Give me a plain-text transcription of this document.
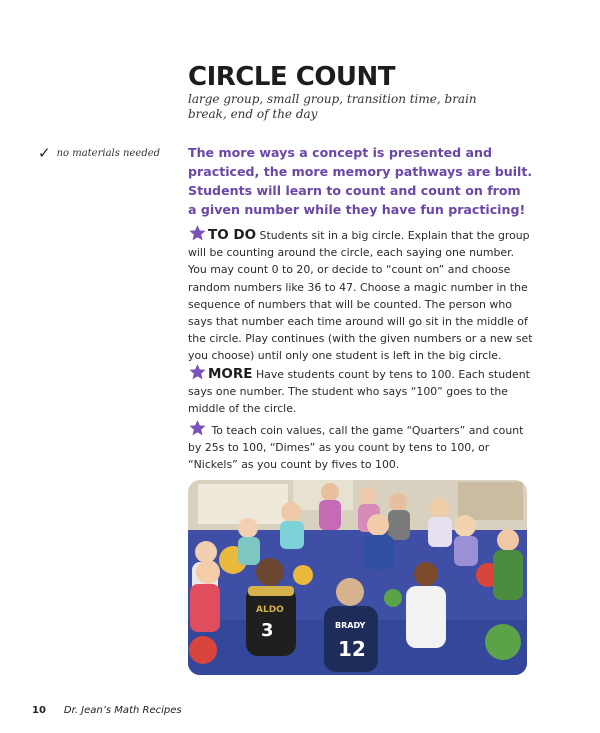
CIRCLE COUNT
large group, small group, transition time, brain break, end of the day
✓ no materials needed The more ways a concept is presented and practiced, the more memory pathways are built. Students will learn to count and count on from a given number while they have fun practicing!
TO DO Students sit in a big circle. Explain that the group will be counting around the circle, each saying one number. You may count 0 to 20, or decide to “count on” and choose random numbers like 36 to 47. Choose a magic number in the sequence of numbers that will be counted. The person who says that number each time around will go sit in the middle of the circle. Play continues (with the given numbers or a new set you choose) until only one student is left in the big circle.
MORE Have students count by tens to 100. Each student says one number. The student who says “100” goes to the middle of the circle.
To teach coin values, call the game “Quarters” and count by 25s to 100, “Dimes” as you count by tens to 100, or “Nickels” as you count by fives to 100.
ALDO
3	BRADY
12
10 Dr. Jean’s Math Recipes
